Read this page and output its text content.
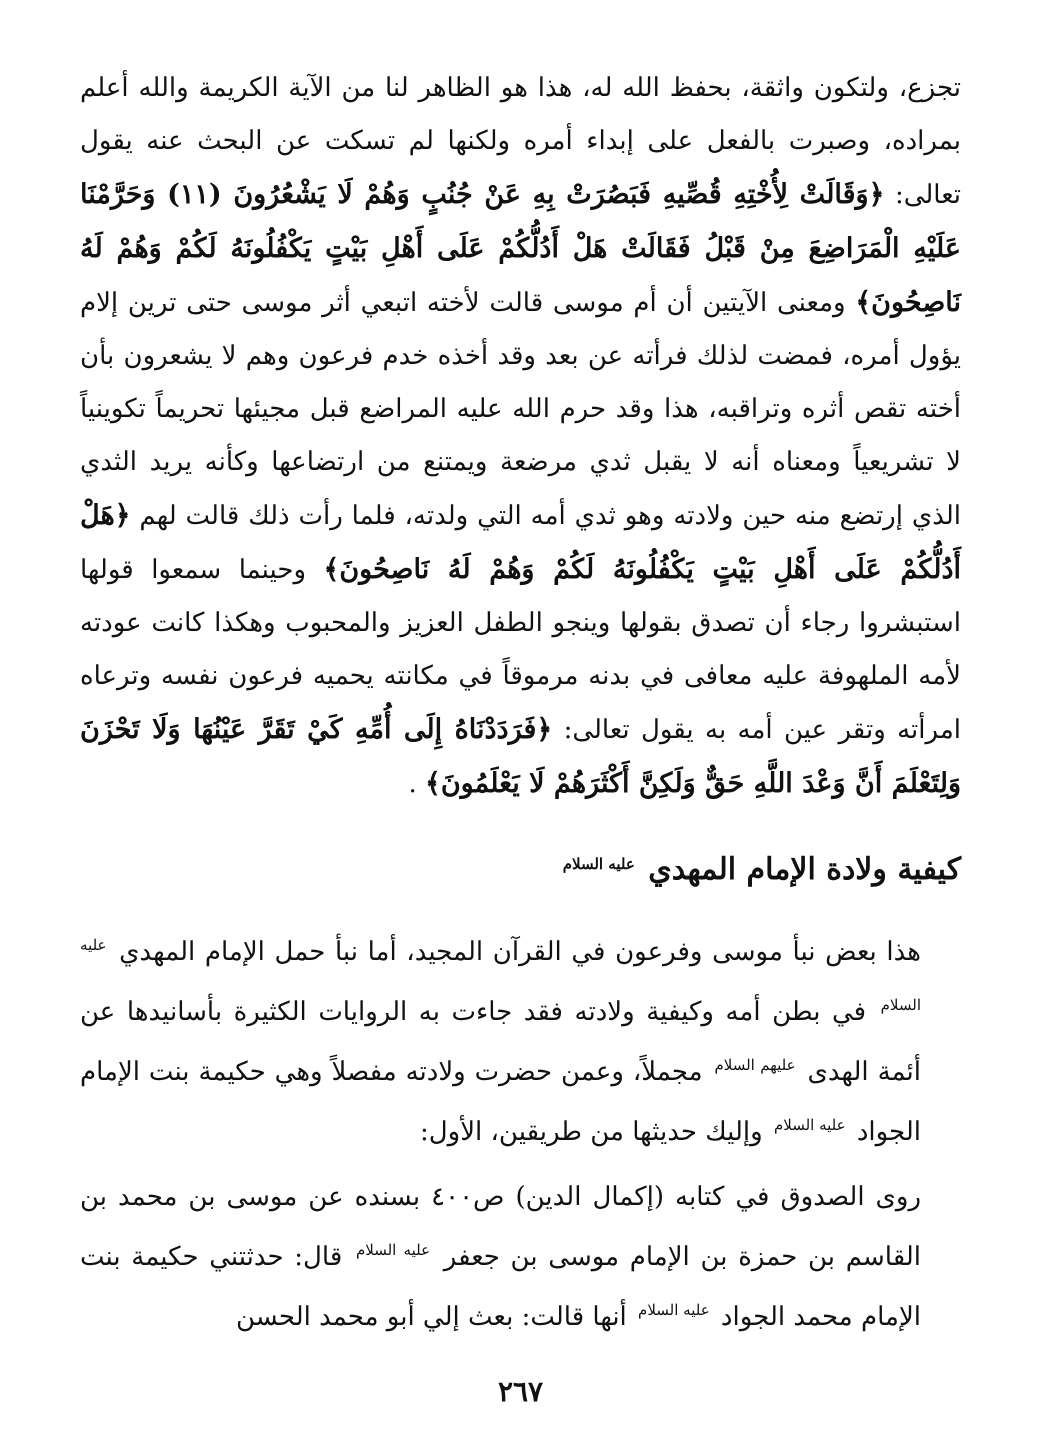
تجزع، ولتكون واثقة، بحفظ الله له، هذا هو الظاهر لنا من الآية الكريمة والله أعلم بمراده، وصبرت بالفعل على إبداء أمره ولكنها لم تسكت عن البحث عنه يقول تعالى: ﴿وَقَالَتْ لِأُخْتِهِ قُصِّيهِ فَبَصُرَتْ بِهِ عَنْ جُنُبٍ وَهُمْ لَا يَشْعُرُونَ (١١) وَحَرَّمْنَا عَلَيْهِ الْمَرَاضِعَ مِنْ قَبْلُ فَقَالَتْ هَلْ أَدُلُّكُمْ عَلَى أَهْلِ بَيْتٍ يَكْفُلُونَهُ لَكُمْ وَهُمْ لَهُ نَاصِحُونَ﴾ ومعنى الآيتين أن أم موسى قالت لأخته اتبعي أثر موسى حتى ترين إلام يؤول أمره، فمضت لذلك فرأته عن بعد وقد أخذه خدم فرعون وهم لا يشعرون بأن أخته تقص أثره وتراقبه، هذا وقد حرم الله عليه المراضع قبل مجيئها تحريماً تكوينياً لا تشريعياً ومعناه أنه لا يقبل ثدي مرضعة ويمتنع من ارتضاعها وكأنه يريد الثدي الذي إرتضع منه حين ولادته وهو ثدي أمه التي ولدته، فلما رأت ذلك قالت لهم ﴿هَلْ أَدُلُّكُمْ عَلَى أَهْلِ بَيْتٍ يَكْفُلُونَهُ لَكُمْ وَهُمْ لَهُ نَاصِحُونَ﴾ وحينما سمعوا قولها استبشروا رجاء أن تصدق بقولها وينجو الطفل العزيز والمحبوب وهكذا كانت عودته لأمه الملهوفة عليه معافى في بدنه مرموقاً في مكانته يحميه فرعون نفسه وترعاه امرأته وتقر عين أمه به يقول تعالى: ﴿فَرَدَدْنَاهُ إِلَى أُمِّهِ كَيْ تَقَرَّ عَيْنُهَا وَلَا تَحْزَنَ وَلِتَعْلَمَ أَنَّ وَعْدَ اللَّهِ حَقٌّ وَلَكِنَّ أَكْثَرَهُمْ لَا يَعْلَمُونَ﴾ .

كيفية ولادة الإمام المهدي $^{عليه السلام}$

هذا بعض نبأ موسى وفرعون في القرآن المجيد، أما نبأ حمل الإمام المهدي $^{عليه السلام}$ في بطن أمه وكيفية ولادته فقد جاءت به الروايات الكثيرة بأسانيدها عن أئمة الهدى $^{عليهم السلام}$ مجملاً، وعمن حضرت ولادته مفصلاً وهي حكيمة بنت الإمام الجواد $^{عليه السلام}$ وإليك حديثها من طريقين، الأول:

روى الصدوق في كتابه (إكمال الدين) ص٤٠٠ بسنده عن موسى بن محمد بن القاسم بن حمزة بن الإمام موسى بن جعفر $^{عليه السلام}$ قال: حدثتني حكيمة بنت الإمام محمد الجواد $^{عليه السلام}$ أنها قالت: بعث إلي أبو محمد الحسن

٢٦٧
